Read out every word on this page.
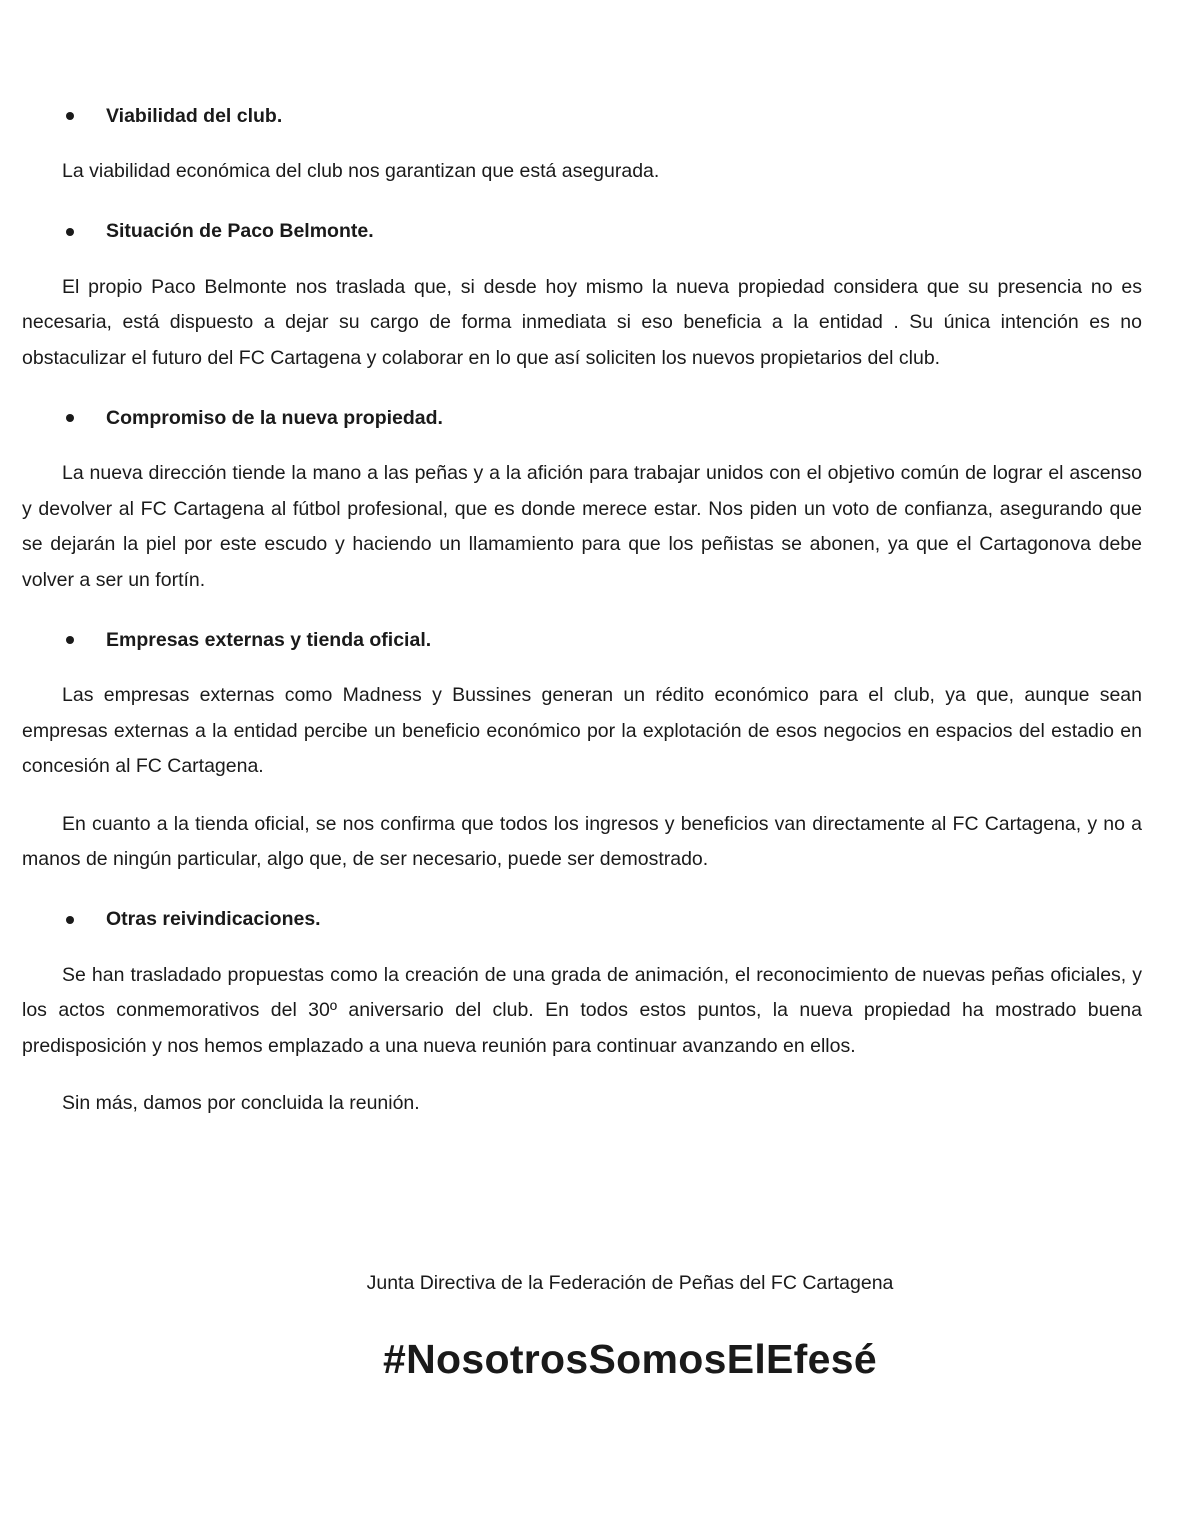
Viabilidad del club.

La viabilidad económica del club nos garantizan que está asegurada.

Situación de Paco Belmonte.

El propio Paco Belmonte nos traslada que, si desde hoy mismo la nueva propiedad considera que su presencia no es necesaria, está dispuesto a dejar su cargo de forma inmediata si eso beneficia a la entidad . Su única intención es no obstaculizar el futuro del FC Cartagena y colaborar en lo que así soliciten los nuevos propietarios del club.

Compromiso de la nueva propiedad.

La nueva dirección tiende la mano a las peñas y a la afición para trabajar unidos con el objetivo común de lograr el ascenso y devolver al FC Cartagena al fútbol profesional, que es donde merece estar. Nos piden un voto de confianza, asegurando que se dejarán la piel por este escudo y haciendo un llamamiento para que los peñistas se abonen, ya que el Cartagonova debe volver a ser un fortín.

Empresas externas y tienda oficial.

Las empresas externas como Madness y Bussines generan un rédito económico para el club, ya que, aunque sean empresas externas a la entidad percibe un beneficio económico por la explotación de esos negocios en espacios del estadio en concesión al FC Cartagena.

En cuanto a la tienda oficial, se nos confirma que todos los ingresos y beneficios van directamente al FC Cartagena, y no a manos de ningún particular, algo que, de ser necesario, puede ser demostrado.

Otras reivindicaciones.

Se han trasladado propuestas como la creación de una grada de animación, el reconocimiento de nuevas peñas oficiales, y los actos conmemorativos del 30º aniversario del club. En todos estos puntos, la nueva propiedad ha mostrado buena predisposición y nos hemos emplazado a una nueva reunión para continuar avanzando en ellos.

Sin más, damos por concluida la reunión.

Junta Directiva de la Federación de Peñas del FC Cartagena
#NosotrosSomosElEfesé
